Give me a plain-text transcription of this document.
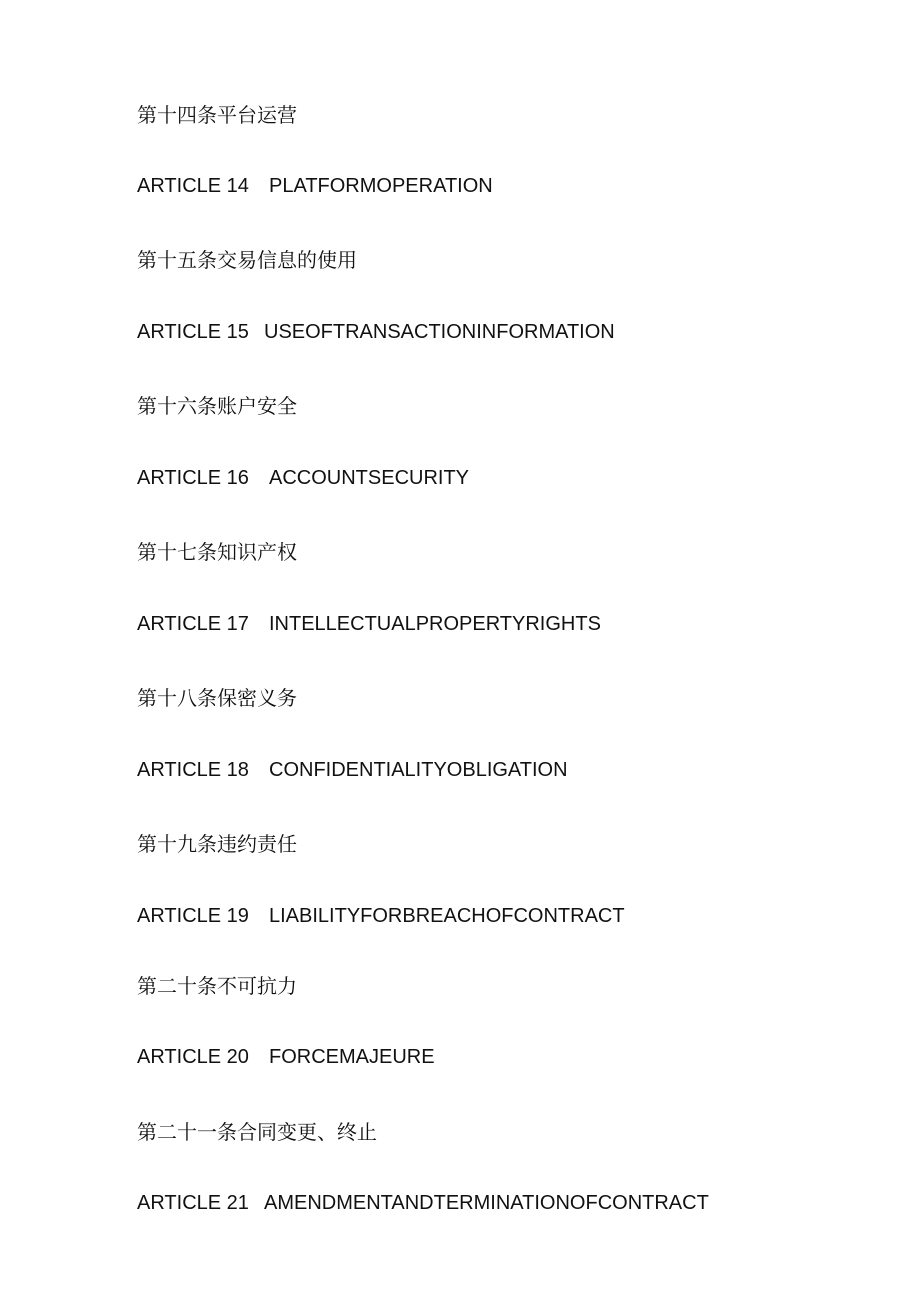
第十四条平台运营
ARTICLE 14 PLATFORMOPERATION
第十五条交易信息的使用
ARTICLE 15 USEOFTRANSACTIONINFORMATION
第十六条账户安全
ARTICLE 16 ACCOUNTSECURITY
第十七条知识产权
ARTICLE 17 INTELLECTUALPROPERTYRIGHTS
第十八条保密义务
ARTICLE 18 CONFIDENTIALITYOBLIGATION
第十九条违约责任
ARTICLE 19 LIABILITYFORBREACHOFCONTRACT
第二十条不可抗力
ARTICLE 20 FORCEMAJEURE
第二十一条合同变更、终止
ARTICLE 21 AMENDMENTANDTERMINATIONOFCONTRACT
